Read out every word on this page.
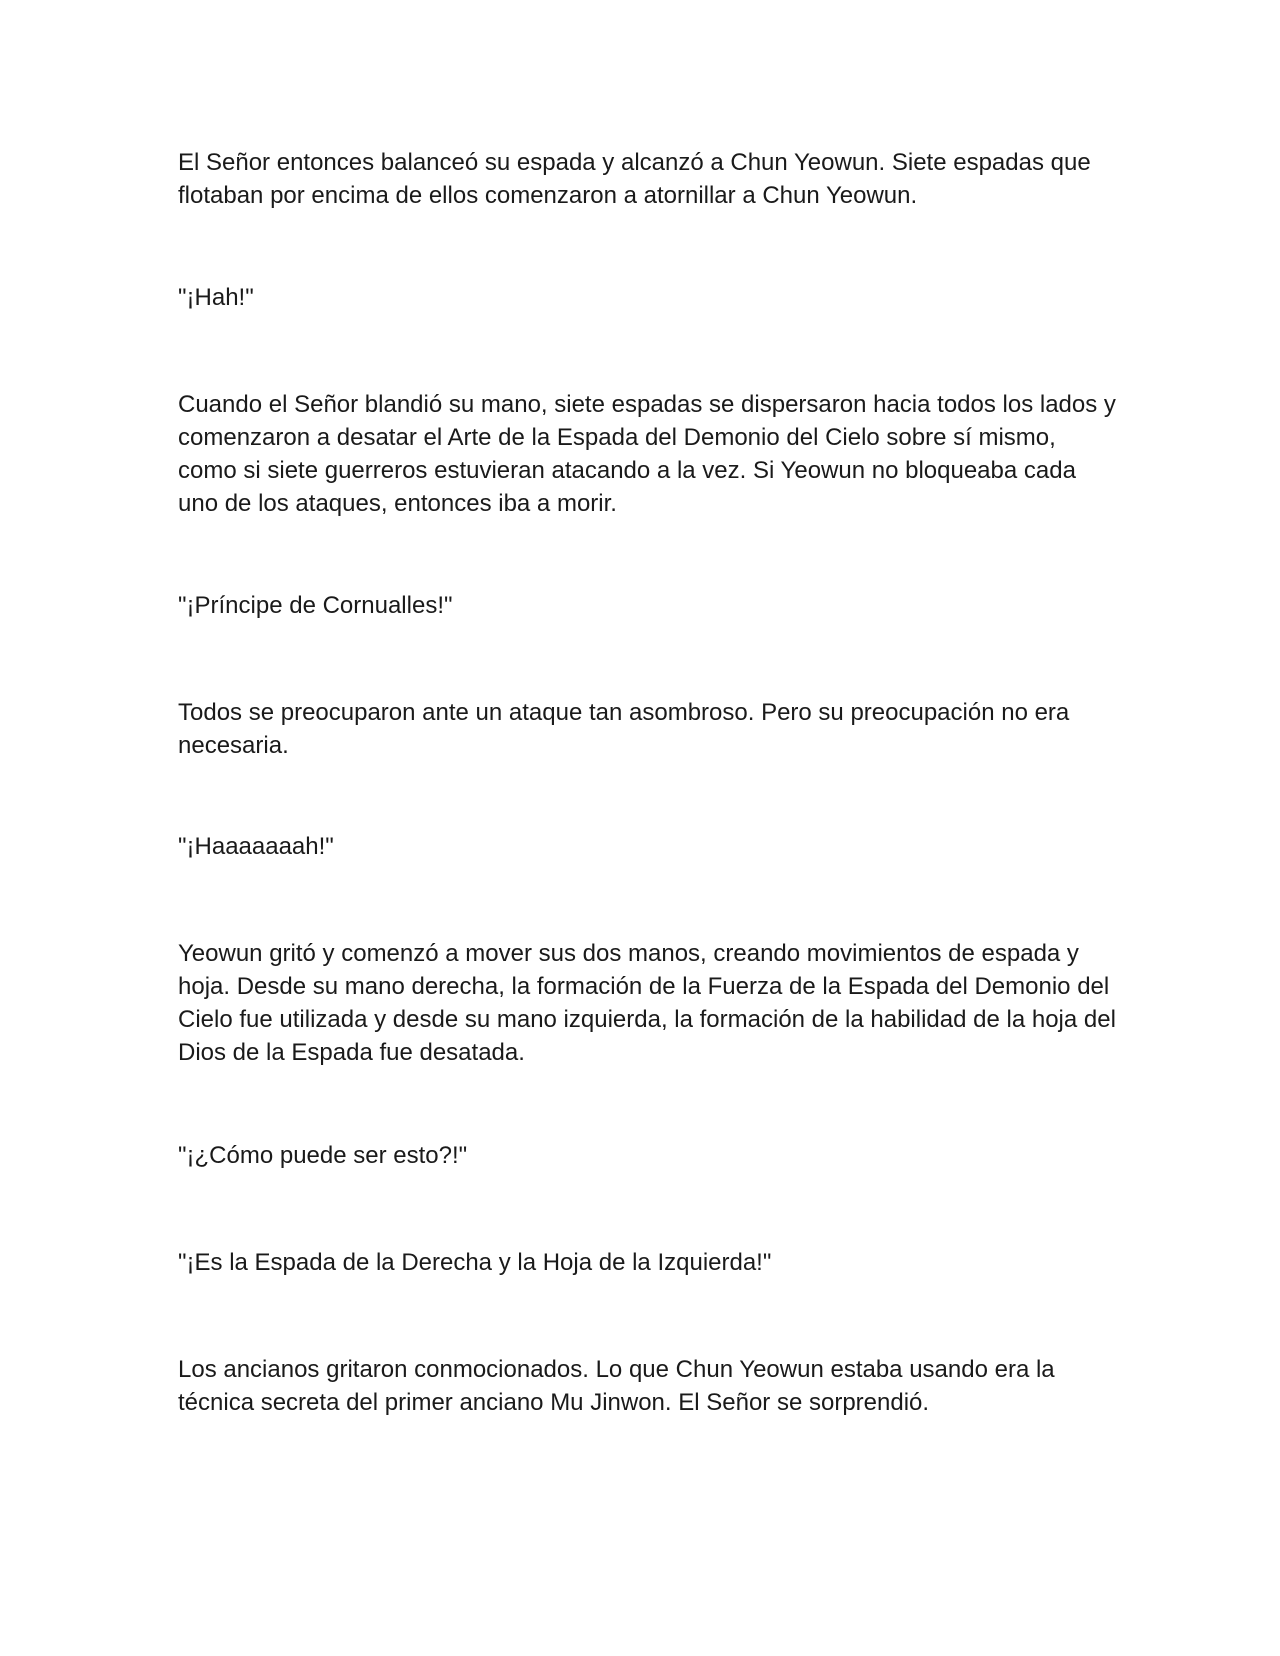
El Señor entonces balanceó su espada y alcanzó a Chun Yeowun. Siete espadas que flotaban por encima de ellos comenzaron a atornillar a Chun Yeowun.

"¡Hah!"

Cuando el Señor blandió su mano, siete espadas se dispersaron hacia todos los lados y comenzaron a desatar el Arte de la Espada del Demonio del Cielo sobre sí mismo, como si siete guerreros estuvieran atacando a la vez. Si Yeowun no bloqueaba cada uno de los ataques, entonces iba a morir.

"¡Príncipe de Cornualles!"

Todos se preocuparon ante un ataque tan asombroso. Pero su preocupación no era necesaria.

"¡Haaaaaaah!"

Yeowun gritó y comenzó a mover sus dos manos, creando movimientos de espada y hoja. Desde su mano derecha, la formación de la Fuerza de la Espada del Demonio del Cielo fue utilizada y desde su mano izquierda, la formación de la habilidad de la hoja del Dios de la Espada fue desatada.

"¡¿Cómo puede ser esto?!"

"¡Es la Espada de la Derecha y la Hoja de la Izquierda!"

Los ancianos gritaron conmocionados. Lo que Chun Yeowun estaba usando era la técnica secreta del primer anciano Mu Jinwon. El Señor se sorprendió.
